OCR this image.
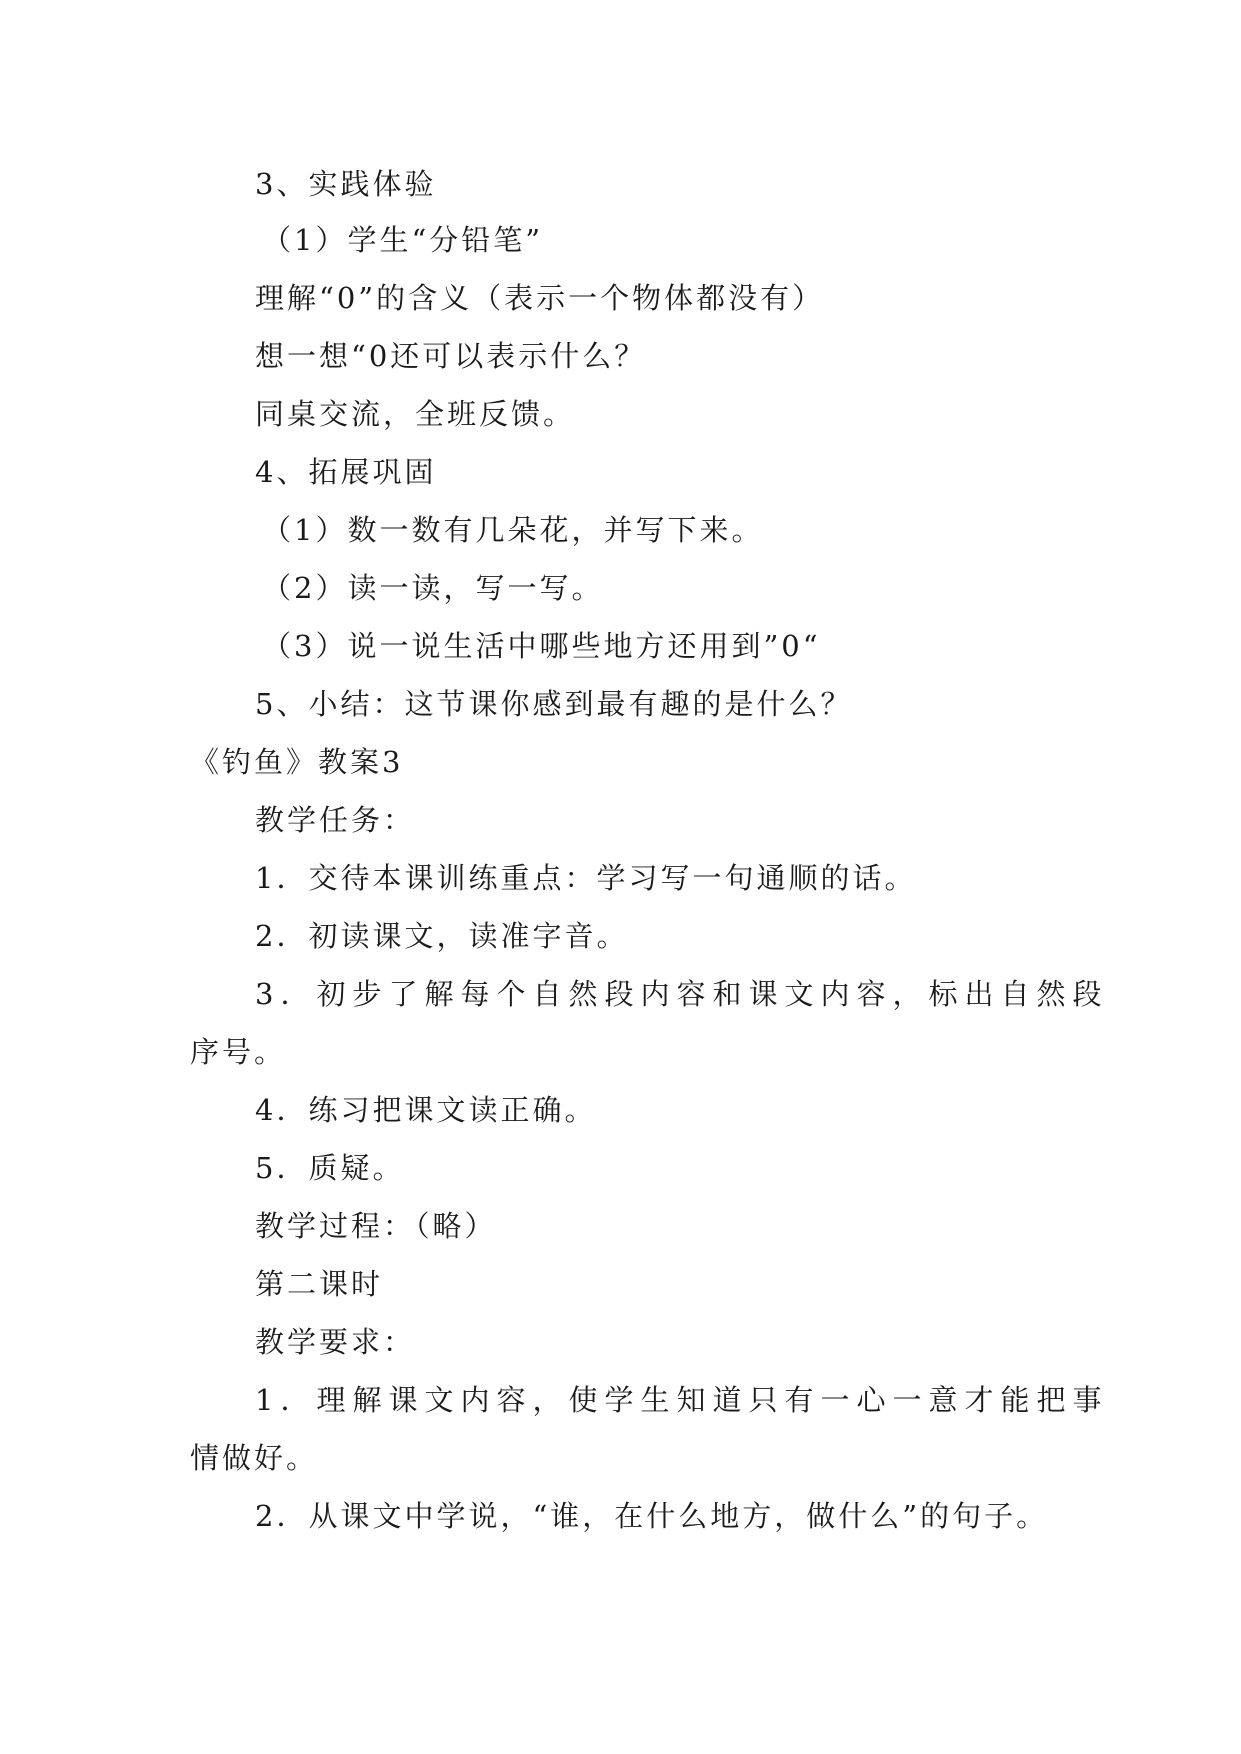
3、实践体验
（1）学生“分铅笔”
理解“0”的含义（表示一个物体都没有）
想一想“0还可以表示什么？
同桌交流，全班反馈。
4、拓展巩固
（1）数一数有几朵花，并写下来。
（2）读一读，写一写。
（3）说一说生活中哪些地方还用到”0“
5、小结：这节课你感到最有趣的是什么？
《钓鱼》教案3
教学任务：
1．交待本课训练重点：学习写一句通顺的话。
2．初读课文，读准字音。
3．初步了解每个自然段内容和课文内容，标出自然段
序号。
4．练习把课文读正确。
5．质疑。
教学过程：（略）
第二课时
教学要求：
1．理解课文内容，使学生知道只有一心一意才能把事
情做好。
2．从课文中学说，“谁，在什么地方，做什么”的句子。
